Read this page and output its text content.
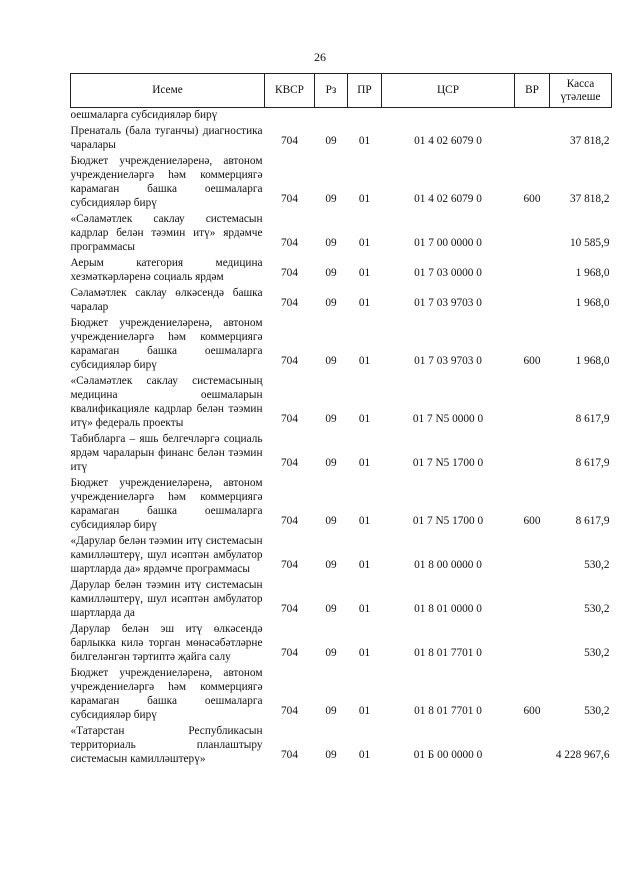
26
Исеме	КВСР	Рз	ПР	ЦСР	ВР	Касса үтәлеше
оешмаларга субсидияләр бирү						
Пренаталь (бала туганчы) диагностика чаралары	704	09	01	01 4 02 6079 0		37 818,2
Бюджет учреждениеләренә, автоном учреждениеләргә һәм коммерциягә карамаган башка оешмаларга субсидияләр бирү	704	09	01	01 4 02 6079 0	600	37 818,2
«Сәламәтлек саклау системасын кадрлар белән тәэмин итү» ярдәмче программасы	704	09	01	01 7 00 0000 0		10 585,9
Аерым категория медицина хезмәткәрләренә социаль ярдәм	704	09	01	01 7 03 0000 0		1 968,0
Сәламәтлек саклау өлкәсендә башка чаралар	704	09	01	01 7 03 9703 0		1 968,0
Бюджет учреждениеләренә, автоном учреждениеләргә һәм коммерциягә карамаган башка оешмаларга субсидияләр бирү	704	09	01	01 7 03 9703 0	600	1 968,0
«Сәламәтлек саклау системасының медицина оешмаларын квалификацияле кадрлар белән тәэмин итү» федераль проекты	704	09	01	01 7 N5 0000 0		8 617,9
Табибларга – яшь белгечләргә социаль ярдәм чараларын финанс белән тәэмин итү	704	09	01	01 7 N5 1700 0		8 617,9
Бюджет учреждениеләренә, автоном учреждениеләргә һәм коммерциягә карамаган башка оешмаларга субсидияләр бирү	704	09	01	01 7 N5 1700 0	600	8 617,9
«Дарулар белән тәэмин итү системасын камилләштерү, шул исәптән амбулатор шартларда да» ярдәмче программасы	704	09	01	01 8 00 0000 0		530,2
Дарулар белән тәэмин итү системасын камилләштерү, шул исәптән амбулатор шартларда да	704	09	01	01 8 01 0000 0		530,2
Дарулар белән эш итү өлкәсендә барлыкка килә торган мөнәсәбәтләрне билгеләнгән тәртиптә җайга салу	704	09	01	01 8 01 7701 0		530,2
Бюджет учреждениеләренә, автоном учреждениеләргә һәм коммерциягә карамаган башка оешмаларга субсидияләр бирү	704	09	01	01 8 01 7701 0	600	530,2
«Татарстан Республикасын территориаль планлаштыру системасын камилләштерү»	704	09	01	01 Б 00 0000 0		4 228 967,6
